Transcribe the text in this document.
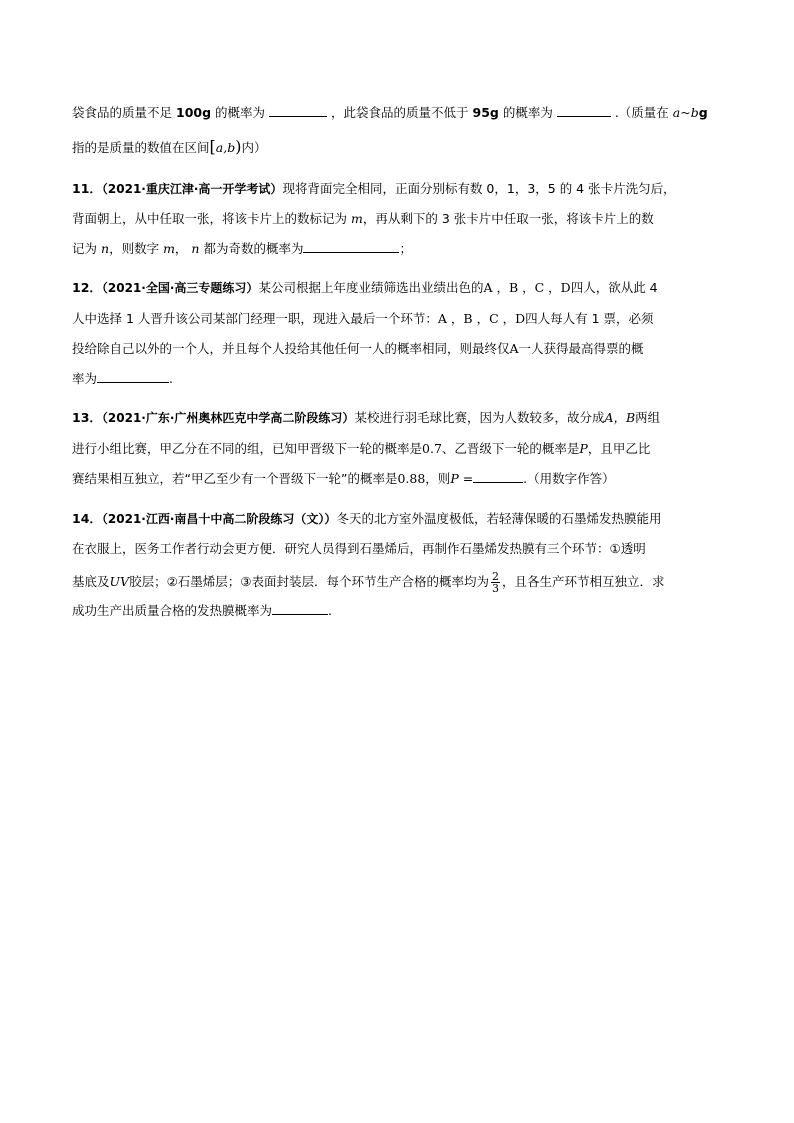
袋食品的质量不足 100g 的概率为	，此袋食品的质量不低于 95g 的概率为	.（质量在 a~bg
指的是质量的数值在区间[a,b)内）
11．（2021·重庆江津·高一开学考试）现将背面完全相同，正面分别标有数 0，1，3，5 的 4 张卡片洗匀后，
背面朝上，从中任取一张，将该卡片上的数标记为 m，再从剩下的 3 张卡片中任取一张，将该卡片上的数
记为 n，则数字 m， n 都为奇数的概率为	；
12．（2021·全国·高三专题练习）某公司根据上年度业绩筛选出业绩出色的A ，B ，C ，D四人，欲从此 4
人中选择 1 人晋升该公司某部门经理一职，现进入最后一个环节：A ，B ，C ，D四人每人有 1 票，必须
投给除自己以外的一个人，并且每个人投给其他任何一人的概率相同，则最终仅A一人获得最高得票的概
率为	.
13．（2021·广东·广州奥林匹克中学高二阶段练习）某校进行羽毛球比赛，因为人数较多，故分成A，B两组
进行小组比赛，甲乙分在不同的组，已知甲晋级下一轮的概率是0.7、乙晋级下一轮的概率是P，且甲乙比
赛结果相互独立，若“甲乙至少有一个晋级下一轮”的概率是0.88，则P =	.（用数字作答）
14．（2021·江西·南昌十中高二阶段练习（文））冬天的北方室外温度极低，若轻薄保暖的石墨烯发热膜能用
在衣服上，医务工作者行动会更方便．研究人员得到石墨烯后，再制作石墨烯发热膜有三个环节：①透明
基底及UV胶层；②石墨烯层；③表面封装层．每个环节生产合格的概率均为 $\frac{2}{3}$ ，且各生产环节相互独立．求
成功生产出质量合格的发热膜概率为	.
